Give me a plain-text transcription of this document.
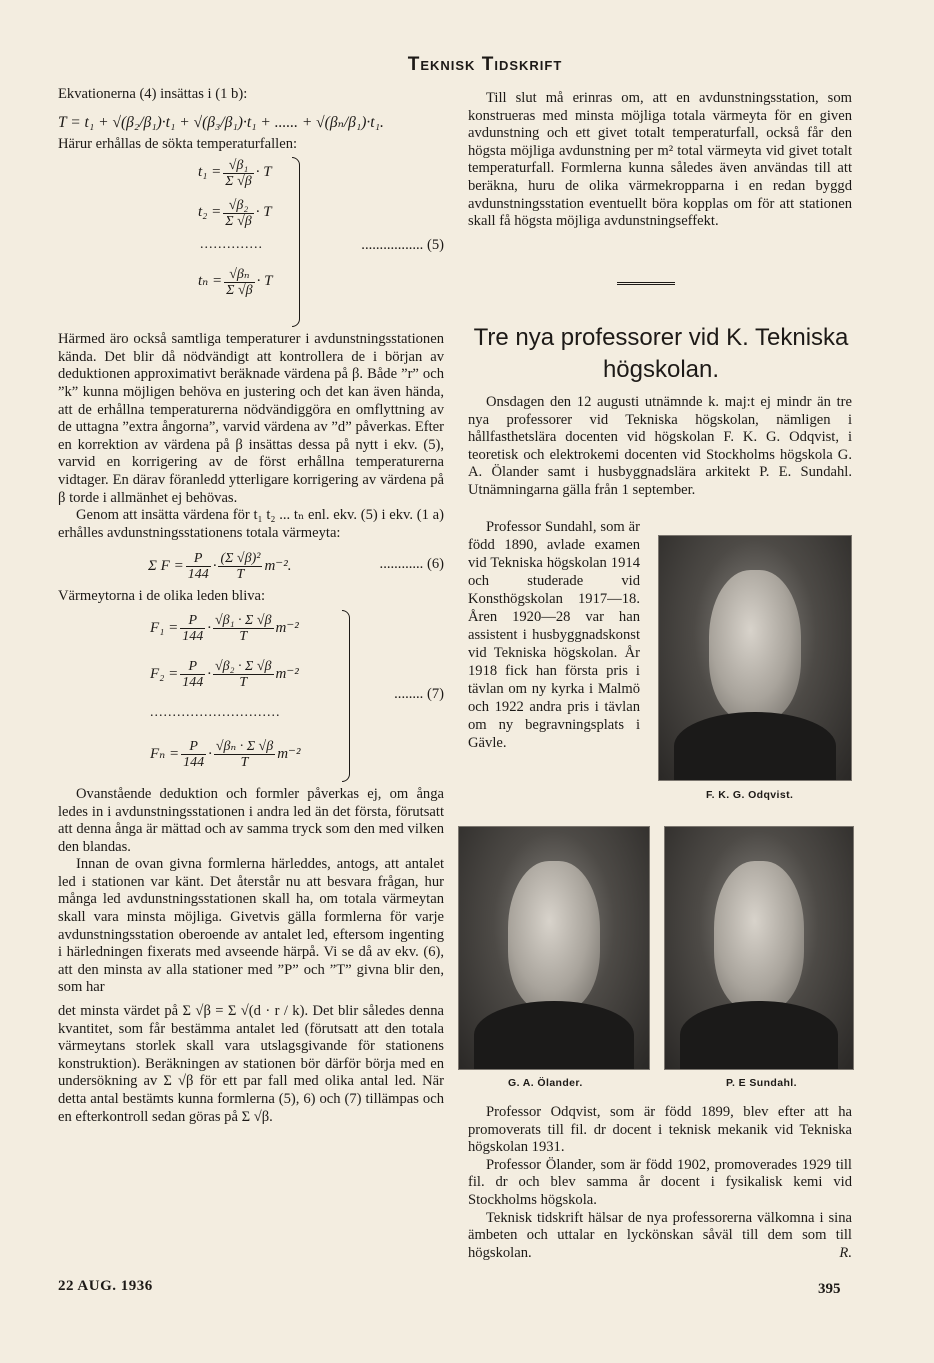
Teknisk Tidskrift

Ekvationerna (4) insättas i (1 b):

T = t₁ + √(β₂/β₁)·t₁ + √(β₃/β₁)·t₁ + ...... + √(βₙ/β₁)·t₁.

Härur erhållas de sökta temperaturfallen:

$t_1 = \frac{\text{√β₁}}{\Sigma √\beta} \cdot T$
$t_2 = \frac{\text{√β₂}}{\Sigma √\beta} \cdot T$
..............
$t_n = \frac{\text{√βₙ}}{\Sigma √\beta} \cdot T$
................. (5)

Härmed äro också samtliga temperaturer i avdunstningsstationen kända. Det blir då nödvändigt att kontrollera de i början av deduktionen approximativt beräknade värdena på β. Både ”r” och ”k” kunna möjligen behöva en justering och det kan även hända, att de erhållna temperaturerna nödvändiggöra en omflyttning av de uttagna ”extra ångorna”, varvid värdena av ”d” påverkas. Efter en korrektion av värdena på β insättas dessa på nytt i ekv. (5), varvid en korrigering av de först erhållna temperaturerna vidtager. En därav föranledd ytterligare korrigering av värdena på β torde i allmänhet ej behövas.

Genom att insätta värdena för t₁ t₂ ... tₙ enl. ekv. (5) i ekv. (1 a) erhålles avdunstningsstationens totala värmeyta:

Σ $F = \frac{P}{144} \cdot \frac{\text{(Σ √β)²}}{T} m^{-2}$.	............ (6)

Värmeytorna i de olika leden bliva:

$F_1 = \frac{P}{144} \cdot \frac{\text{√β₁ · Σ √β}}{T} m^{-2}$
$F_2 = \frac{P}{144} \cdot \frac{\text{√β₂ · Σ √β}}{T} m^{-2}$
.............................
$F_n = \frac{P}{144} \cdot \frac{\text{√βₙ · Σ √β}}{T} m^{-2}$
........ (7)

Ovanstående deduktion och formler påverkas ej, om ånga ledes in i avdunstningsstationen i andra led än det första, förutsatt att denna ånga är mättad och av samma tryck som den med vilken den blandas.

Innan de ovan givna formlerna härleddes, antogs, att antalet led i stationen var känt. Det återstår nu att besvara frågan, hur många led avdunstningsstationen skall ha, om totala värmeytan skall vara minsta möjliga. Givetvis gälla formlerna för varje avdunstningsstation oberoende av antalet led, eftersom ingenting i härledningen fixerats med avseende härpå. Vi se då av ekv. (6), att den minsta av alla stationer med ”P” och ”T” givna blir den, som har

det minsta värdet på Σ √β = Σ √(d · r / k). Det blir således denna kvantitet, som får bestämma antalet led (förutsatt att den totala värmeytans storlek skall vara utslagsgivande för stationens konstruktion). Beräkningen av stationen bör därför börja med en undersökning av Σ √β för ett par fall med olika antal led. När detta antal bestämts kunna formlerna (5), 6) och (7) tillämpas och en efterkontroll sedan göras på Σ √β.

Till slut må erinras om, att en avdunstningsstation, som konstrueras med minsta möjliga totala värmeyta för en given avdunstning och ett givet totalt temperaturfall, också får den högsta möjliga avdunstning per m² total värmeyta vid givet totalt temperaturfall. Formlerna kunna således även användas till att beräkna, huru de olika värmekropparna i en redan byggd avdunstningsstation eventuellt böra kopplas om för att stationen skall få högsta möjliga avdunstningseffekt.

Tre nya professorer vid K. Tekniska högskolan.

Onsdagen den 12 augusti utnämnde k. maj:t ej mindr än tre nya professorer vid Tekniska högskolan, nämligen i hållfasthetslära docenten vid högskolan F. K. G. Odqvist, i teoretisk och elektrokemi docenten vid Stockholms högskola G. A. Ölander samt i husbyggnadslära arkitekt P. E. Sundahl. Utnämningarna gälla från 1 september.

Professor Sundahl, som är född 1890, avlade examen vid Tekniska högskolan 1914 och studerade vid Konsthögskolan 1917—18. Åren 1920—28 var han assistent i husbyggnadskonst vid Tekniska högskolan. År 1918 fick han första pris i tävlan om ny kyrka i Malmö och 1922 andra pris i tävlan om ny begravningsplats i Gävle.

F. K. G. Odqvist.
G. A. Ölander.	P. E Sundahl.

Professor Odqvist, som är född 1899, blev efter att ha promoverats till fil. dr docent i teknisk mekanik vid Tekniska högskolan 1931.

Professor Ölander, som är född 1902, promoverades 1929 till fil. dr och blev samma år docent i fysikalisk kemi vid Stockholms högskola.

Teknisk tidskrift hälsar de nya professorerna välkomna i sina ämbeten och uttalar en lyckönskan såväl till dem som till högskolan.	R.

22 AUG. 1936	395
